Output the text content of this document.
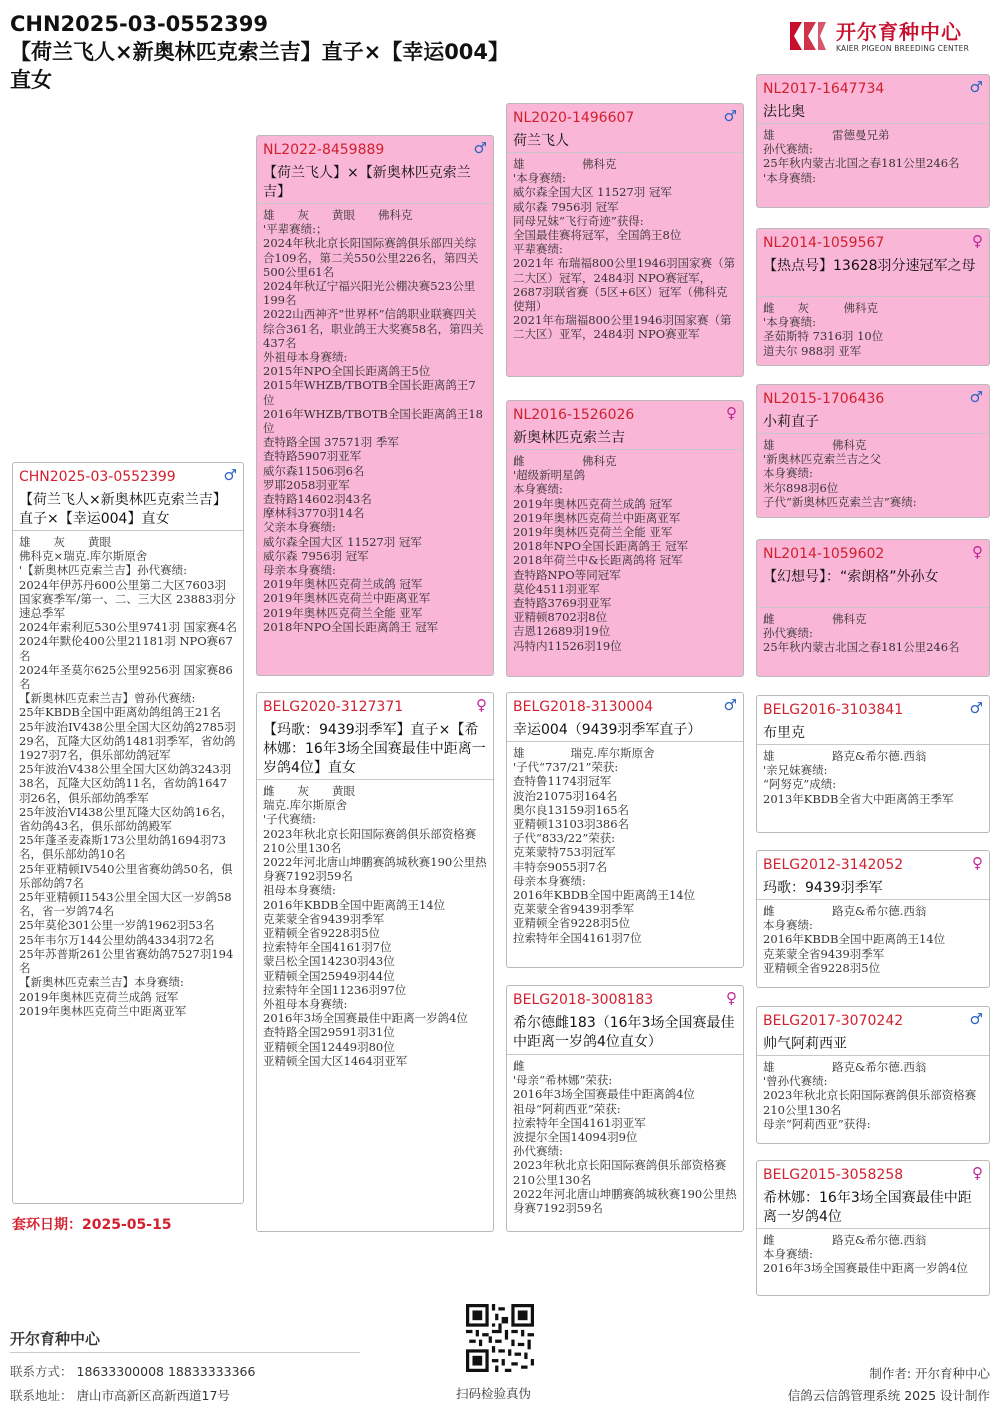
CHN2025-03-0552399
【荷兰飞人×新奥林匹克索兰吉】直子×【幸运004】直女
开尔育种中心
KAIER PIGEON BREEDING CENTER
CHN2025-03-0552399	♂
【荷兰飞人×新奥林匹克索兰吉】直子×【幸运004】直女
雄　　灰　　黄眼
佛科克×瑞克.库尔斯原舍
'【新奥林匹克索兰吉】孙代赛绩:
2024年伊苏丹600公里第二大区7603羽 国家赛季军/第一、二、三大区 23883羽分速总季军
2024年索利厄530公里9741羽 国家赛4名
2024年默伦400公里21181羽 NPO赛67名
2024年圣莫尔625公里9256羽 国家赛86名
【新奥林匹克索兰吉】曾孙代赛绩:
25年KBDB全国中距离幼鸽组鸽王21名
25年波治IV438公里全国大区幼鸽2785羽29名，瓦隆大区幼鸽1481羽季军，省幼鸽1927羽7名，俱乐部幼鸽冠军
25年波治V438公里全国大区幼鸽3243羽38名，瓦隆大区幼鸽11名，省幼鸽1647羽26名，俱乐部幼鸽季军
25年波治VI438公里瓦隆大区幼鸽16名，省幼鸽43名，俱乐部幼鸽殿军
25年蓬圣麦森斯173公里幼鸽1694羽73名，俱乐部幼鸽10名
25年亚精顿IV540公里省赛幼鸽50名，俱乐部幼鸽7名
25年亚精顿I1543公里全国大区一岁鸽58名，省一岁鸽74名
25年莫伦301公里一岁鸽1962羽53名
25年韦尔万144公里幼鸽4334羽72名
25年苏普斯261公里省赛幼鸽7527羽194名
【新奥林匹克索兰吉】本身赛绩:
2019年奥林匹克荷兰成鸽 冠军
2019年奥林匹克荷兰中距离亚军
套环日期：2025-05-15
NL2022-8459889	♂
【荷兰飞人】×【新奥林匹克索兰吉】
雄　　灰　　黄眼　　佛科克
'平辈赛绩:；
2024年秋北京长阳国际赛鸽俱乐部四关综合109名，第二关550公里226名，第四关500公里61名
2024年秋辽宁福兴阳光公棚决赛523公里199名
2022山西神齐“世界杯”信鸽职业联赛四关综合361名，职业鸽王大奖赛58名，第四关437名
外祖母本身赛绩:
2015年NPO全国长距离鸽王5位
2015年WHZB/TBOTB全国长距离鸽王7位
2016年WHZB/TBOTB全国长距离鸽王18位
查特路全国 37571羽 季军
查特路5907羽亚军
威尔森11506羽6名
罗耶2058羽亚军
查特路14602羽43名
摩林科3770羽14名
父亲本身赛绩:
威尔森全国大区 11527羽 冠军
威尔森 7956羽 冠军
母亲本身赛绩:
2019年奥林匹克荷兰成鸽 冠军
2019年奥林匹克荷兰中距离亚军
2019年奥林匹克荷兰全能 亚军
2018年NPO全国长距离鸽王 冠军
BELG2020-3127371	♀
【玛歌：9439羽季军】直子×【希林娜：16年3场全国赛最佳中距离一岁鸽4位】直女
雌　　灰　　黄眼
瑞克.库尔斯原舍
'子代赛绩:
2023年秋北京长阳国际赛鸽俱乐部资格赛210公里130名
2022年河北唐山坤鹏赛鸽城秋赛190公里热身赛7192羽59名
祖母本身赛绩:
2016年KBDB全国中距离鸽王14位
克莱蒙全省9439羽季军
亚精顿全省9228羽5位
拉索特年全国4161羽7位
蒙吕松全国14230羽43位
亚精顿全国25949羽44位
拉索特年全国11236羽97位
外祖母本身赛绩:
2016年3场全国赛最佳中距离一岁鸽4位
查特路全国29591羽31位
亚精顿全国12449羽80位
亚精顿全国大区1464羽亚军
NL2020-1496607	♂
荷兰飞人
雄　　　　　佛科克
'本身赛绩:
威尔森全国大区 11527羽 冠军
威尔森 7956羽 冠军
同母兄妹“飞行奇迹”获得:
全国最佳赛将冠军，全国鸽王8位
平辈赛绩:
2021年 布瑞福800公里1946羽国家赛（第二大区）冠军，2484羽 NPO赛冠军，2687羽联省赛（5区+6区）冠军（佛科克使翔）
2021年布瑞福800公里1946羽国家赛（第二大区）亚军，2484羽 NPO赛亚军
NL2016-1526026	♀
新奥林匹克索兰吉
雌　　　　　佛科克
'超级新明星鸽
本身赛绩:
2019年奥林匹克荷兰成鸽 冠军
2019年奥林匹克荷兰中距离亚军
2019年奥林匹克荷兰全能 亚军
2018年NPO全国长距离鸽王 冠军
2018年荷兰中&长距离鸽将 冠军
查特路NPO等同冠军
莫伦4511羽亚军
查特路3769羽亚军
亚精顿8702羽8位
吉恩12689羽19位
冯特内11526羽19位
BELG2018-3130004	♂
幸运004（9439羽季军直子）
雄　　　　瑞克.库尔斯原舍
'子代“737/21”荣获:
查特鲁1174羽冠军
波治21075羽164名
奥尔良13159羽165名
亚精顿13103羽386名
子代“833/22”荣获:
克莱蒙特753羽冠军
丰特奈9055羽7名
母亲本身赛绩:
2016年KBDB全国中距离鸽王14位
克莱蒙全省9439羽季军
亚精顿全省9228羽5位
拉索特年全国4161羽7位
BELG2018-3008183	♀
希尔德雌183（16年3场全国赛最佳中距离一岁鸽4位直女）
雌
'母亲“希林娜”荣获:
2016年3场全国赛最佳中距离鸽4位
祖母“阿莉西亚”荣获:
拉索特年全国4161羽亚军
波提尔全国14094羽9位
孙代赛绩:
2023年秋北京长阳国际赛鸽俱乐部资格赛210公里130名
2022年河北唐山坤鹏赛鸽城秋赛190公里热身赛7192羽59名
NL2017-1647734	♂
法比奥
雄　　　　　雷德曼兄弟
孙代赛绩:
25年秋内蒙古北国之春181公里246名
'本身赛绩:
NL2014-1059567	♀
【热点号】13628羽分速冠军之母
雌　　灰　　　佛科克
'本身赛绩:
圣茹斯特 7316羽 10位
道夫尔 988羽 亚军
NL2015-1706436	♂
小莉直子
雄　　　　　佛科克
'新奥林匹克索兰吉之父
本身赛绩:
米尔898羽6位
子代“新奥林匹克索兰吉”赛绩:
NL2014-1059602	♀
【幻想号】：“索朗格”外孙女
雌　　　　　佛科克
孙代赛绩:
25年秋内蒙古北国之春181公里246名
BELG2016-3103841	♂
布里克
雄　　　　　路克&希尔德.西翁
'亲兄妹赛绩:
“阿努克”成绩:
2013年KBDB全省大中距离鸽王季军
BELG2012-3142052	♀
玛歌：9439羽季军
雌　　　　　路克&希尔德.西翁
本身赛绩:
2016年KBDB全国中距离鸽王14位
克莱蒙全省9439羽季军
亚精顿全省9228羽5位
BELG2017-3070242	♂
帅气阿莉西亚
雄　　　　　路克&希尔德.西翁
'曾孙代赛绩:
2023年秋北京长阳国际赛鸽俱乐部资格赛210公里130名
母亲“阿莉西亚”获得:
BELG2015-3058258	♀
希林娜：16年3场全国赛最佳中距离一岁鸽4位
雌　　　　　路克&希尔德.西翁
本身赛绩:
2016年3场全国赛最佳中距离一岁鸽4位
开尔育种中心
联系方式： 18633300008 18833333366
联系地址： 唐山市高新区高新西道17号	扫码检验真伪
制作者: 开尔育种中心
信鸽云信鸽管理系统 2025 设计制作
